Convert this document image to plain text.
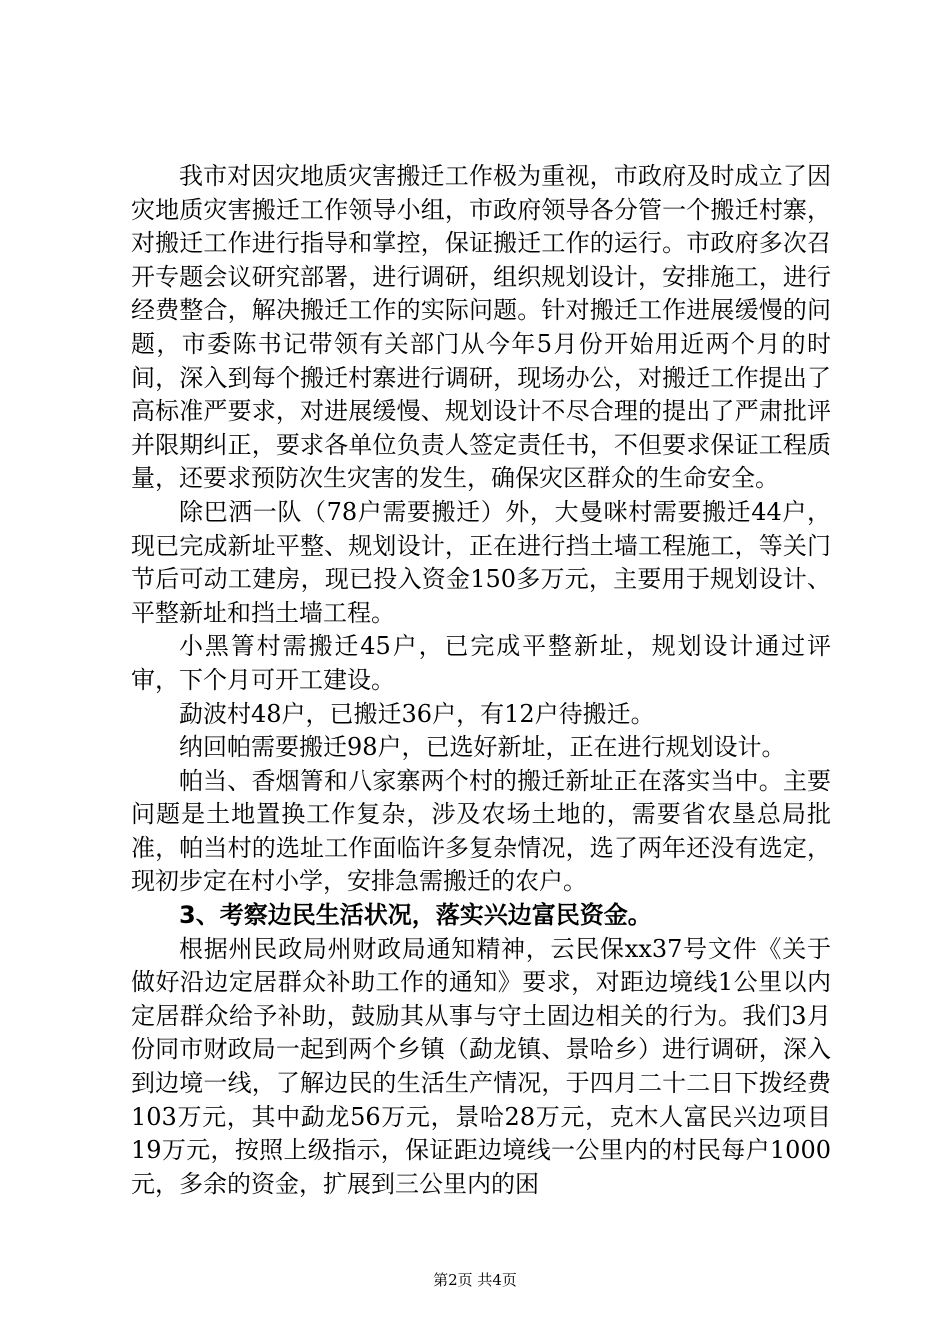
我市对因灾地质灾害搬迁工作极为重视，市政府及时成立了因灾地质灾害搬迁工作领导小组，市政府领导各分管一个搬迁村寨，对搬迁工作进行指导和掌控，保证搬迁工作的运行。市政府多次召开专题会议研究部署，进行调研，组织规划设计，安排施工，进行经费整合，解决搬迁工作的实际问题。针对搬迁工作进展缓慢的问题，市委陈书记带领有关部门从今年5月份开始用近两个月的时间，深入到每个搬迁村寨进行调研，现场办公，对搬迁工作提出了高标准严要求，对进展缓慢、规划设计不尽合理的提出了严肃批评并限期纠正，要求各单位负责人签定责任书，不但要求保证工程质量，还要求预防次生灾害的发生，确保灾区群众的生命安全。

除巴洒一队（78户需要搬迁）外，大曼咪村需要搬迁44户，现已完成新址平整、规划设计，正在进行挡土墙工程施工，等关门节后可动工建房，现已投入资金150多万元，主要用于规划设计、平整新址和挡土墙工程。

小黑箐村需搬迁45户，已完成平整新址，规划设计通过评审，下个月可开工建设。

勐波村48户，已搬迁36户，有12户待搬迁。

纳回帕需要搬迁98户，已选好新址，正在进行规划设计。

帕当、香烟箐和八家寨两个村的搬迁新址正在落实当中。主要问题是土地置换工作复杂，涉及农场土地的，需要省农垦总局批准，帕当村的选址工作面临许多复杂情况，选了两年还没有选定，现初步定在村小学，安排急需搬迁的农户。

3、考察边民生活状况，落实兴边富民资金。

根据州民政局州财政局通知精神，云民保xx37号文件《关于做好沿边定居群众补助工作的通知》要求，对距边境线1公里以内定居群众给予补助，鼓励其从事与守土固边相关的行为。我们3月份同市财政局一起到两个乡镇（勐龙镇、景哈乡）进行调研，深入到边境一线，了解边民的生活生产情况，于四月二十二日下拨经费103万元，其中勐龙56万元，景哈28万元，克木人富民兴边项目19万元，按照上级指示，保证距边境线一公里内的村民每户1000元，多余的资金，扩展到三公里内的困

第2页 共4页
